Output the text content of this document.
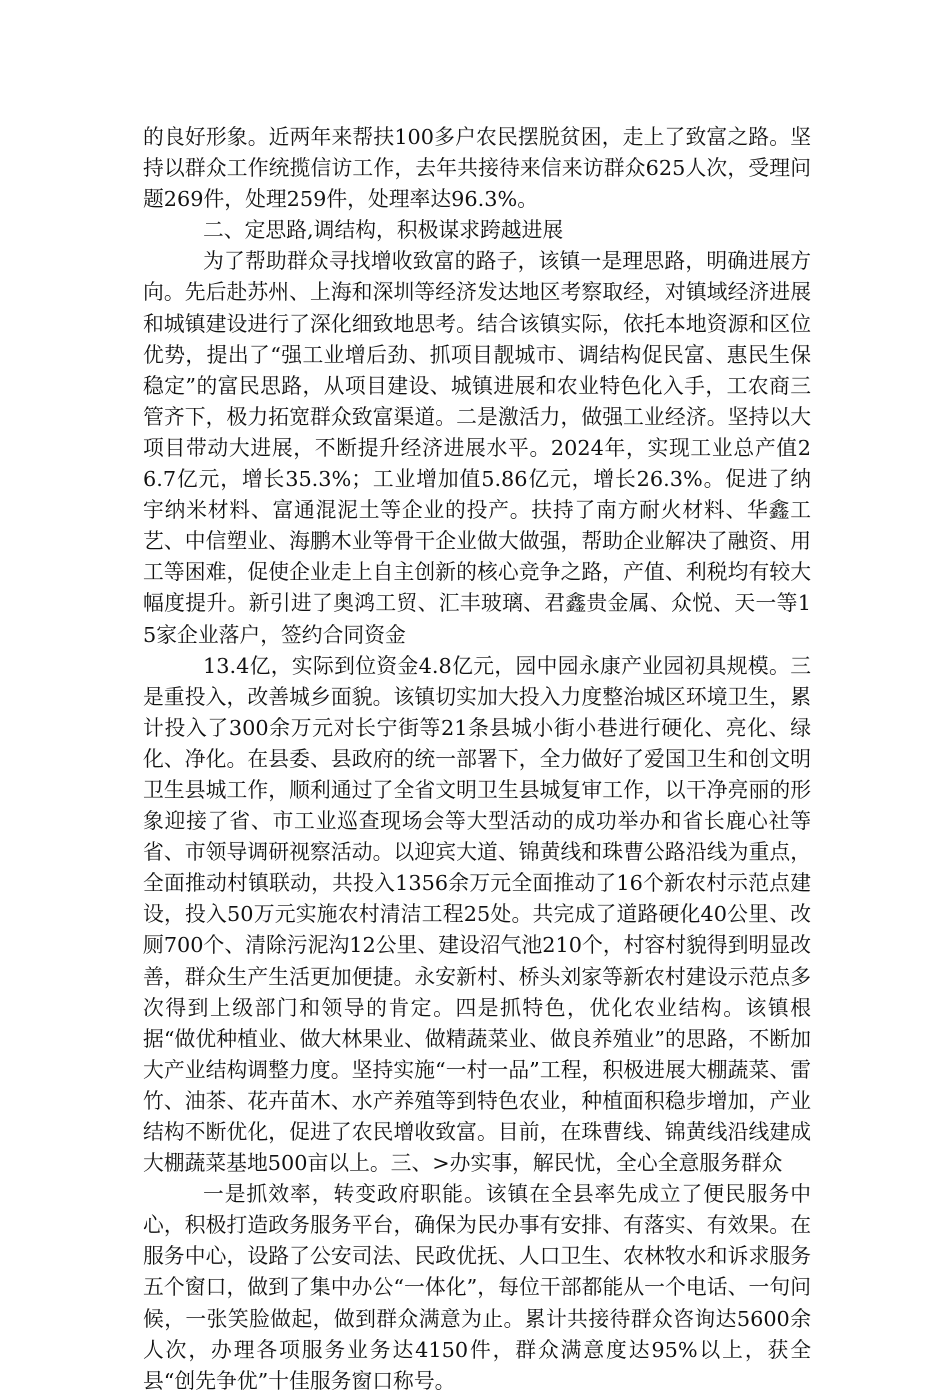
的良好形象。近两年来帮扶100多户农民摆脱贫困，走上了致富之路。坚持以群众工作统揽信访工作，去年共接待来信来访群众625人次，受理问题269件，处理259件，处理率达96.3%。

二、定思路,调结构，积极谋求跨越进展

为了帮助群众寻找增收致富的路子，该镇一是理思路，明确进展方向。先后赴苏州、上海和深圳等经济发达地区考察取经，对镇域经济进展和城镇建设进行了深化细致地思考。结合该镇实际，依托本地资源和区位优势，提出了“强工业增后劲、抓项目靓城市、调结构促民富、惠民生保稳定”的富民思路，从项目建设、城镇进展和农业特色化入手，工农商三管齐下，极力拓宽群众致富渠道。二是激活力，做强工业经济。坚持以大项目带动大进展，不断提升经济进展水平。2024年，实现工业总产值26.7亿元，增长35.3%；工业增加值5.86亿元，增长26.3%。促进了纳宇纳米材料、富通混泥土等企业的投产。扶持了南方耐火材料、华鑫工艺、中信塑业、海鹏木业等骨干企业做大做强，帮助企业解决了融资、用工等困难，促使企业走上自主创新的核心竞争之路，产值、利税均有较大幅度提升。新引进了奥鸿工贸、汇丰玻璃、君鑫贵金属、众悦、天一等15家企业落户，签约合同资金

13.4亿，实际到位资金4.8亿元，园中园永康产业园初具规模。三是重投入，改善城乡面貌。该镇切实加大投入力度整治城区环境卫生，累计投入了300余万元对长宁街等21条县城小街小巷进行硬化、亮化、绿化、净化。在县委、县政府的统一部署下，全力做好了爱国卫生和创文明卫生县城工作，顺利通过了全省文明卫生县城复审工作，以干净亮丽的形象迎接了省、市工业巡查现场会等大型活动的成功举办和省长鹿心社等省、市领导调研视察活动。以迎宾大道、锦黄线和珠曹公路沿线为重点，全面推动村镇联动，共投入1356余万元全面推动了16个新农村示范点建设，投入50万元实施农村清洁工程25处。共完成了道路硬化40公里、改厕700个、清除污泥沟12公里、建设沼气池210个，村容村貌得到明显改善，群众生产生活更加便捷。永安新村、桥头刘家等新农村建设示范点多次得到上级部门和领导的肯定。四是抓特色，优化农业结构。该镇根据“做优种植业、做大林果业、做精蔬菜业、做良养殖业”的思路，不断加大产业结构调整力度。坚持实施“一村一品”工程，积极进展大棚蔬菜、雷竹、油茶、花卉苗木、水产养殖等到特色农业，种植面积稳步增加，产业结构不断优化，促进了农民增收致富。目前，在珠曹线、锦黄线沿线建成大棚蔬菜基地500亩以上。三、>办实事，解民忧，全心全意服务群众

一是抓效率，转变政府职能。该镇在全县率先成立了便民服务中心，积极打造政务服务平台，确保为民办事有安排、有落实、有效果。在服务中心，设路了公安司法、民政优抚、人口卫生、农林牧水和诉求服务五个窗口，做到了集中办公“一体化”，每位干部都能从一个电话、一句问候，一张笑脸做起，做到群众满意为止。累计共接待群众咨询达5600余人次，办理各项服务业务达4150件，群众满意度达95%以上，获全县“创先争优”十佳服务窗口称号。
